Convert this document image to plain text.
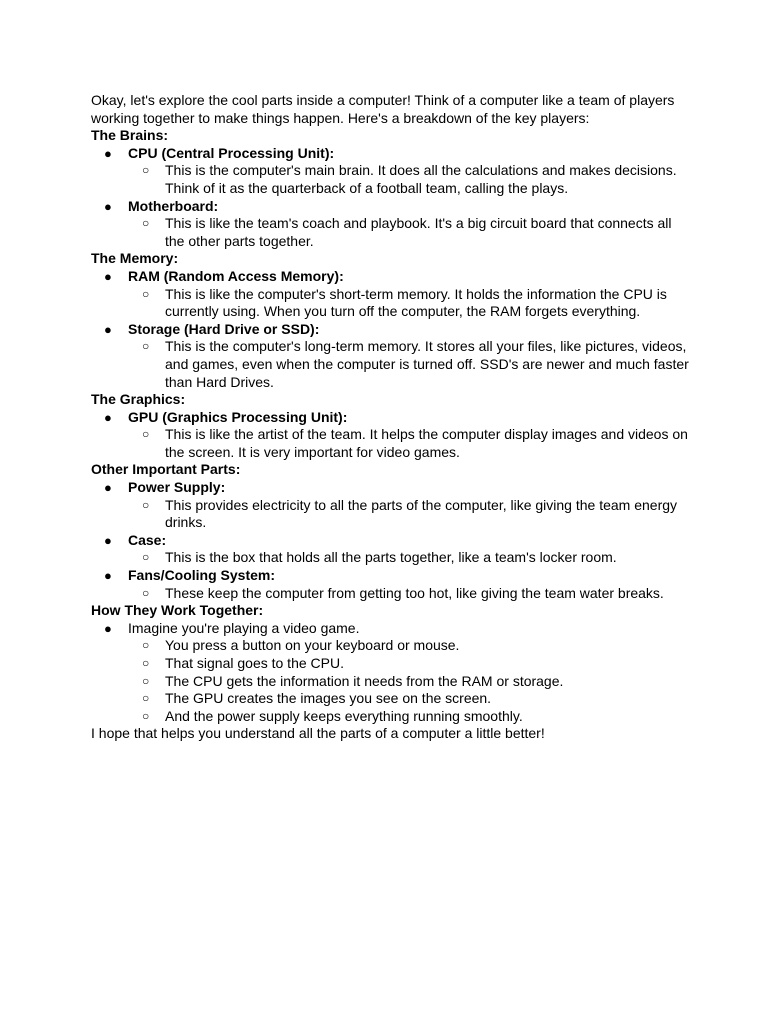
Okay, let's explore the cool parts inside a computer! Think of a computer like a team of players working together to make things happen. Here's a breakdown of the key players:

The Brains:

● CPU (Central Processing Unit):
○ This is the computer's main brain. It does all the calculations and makes decisions. Think of it as the quarterback of a football team, calling the plays.
● Motherboard:
○ This is like the team's coach and playbook. It's a big circuit board that connects all the other parts together.

The Memory:

● RAM (Random Access Memory):
○ This is like the computer's short-term memory. It holds the information the CPU is currently using. When you turn off the computer, the RAM forgets everything.
● Storage (Hard Drive or SSD):
○ This is the computer's long-term memory. It stores all your files, like pictures, videos, and games, even when the computer is turned off. SSD's are newer and much faster than Hard Drives.

The Graphics:

● GPU (Graphics Processing Unit):
○ This is like the artist of the team. It helps the computer display images and videos on the screen. It is very important for video games.

Other Important Parts:

● Power Supply:
○ This provides electricity to all the parts of the computer, like giving the team energy drinks.
● Case:
○ This is the box that holds all the parts together, like a team's locker room.
● Fans/Cooling System:
○ These keep the computer from getting too hot, like giving the team water breaks.

How They Work Together:

● Imagine you're playing a video game.
○ You press a button on your keyboard or mouse.
○ That signal goes to the CPU.
○ The CPU gets the information it needs from the RAM or storage.
○ The GPU creates the images you see on the screen.
○ And the power supply keeps everything running smoothly.

I hope that helps you understand all the parts of a computer a little better!
